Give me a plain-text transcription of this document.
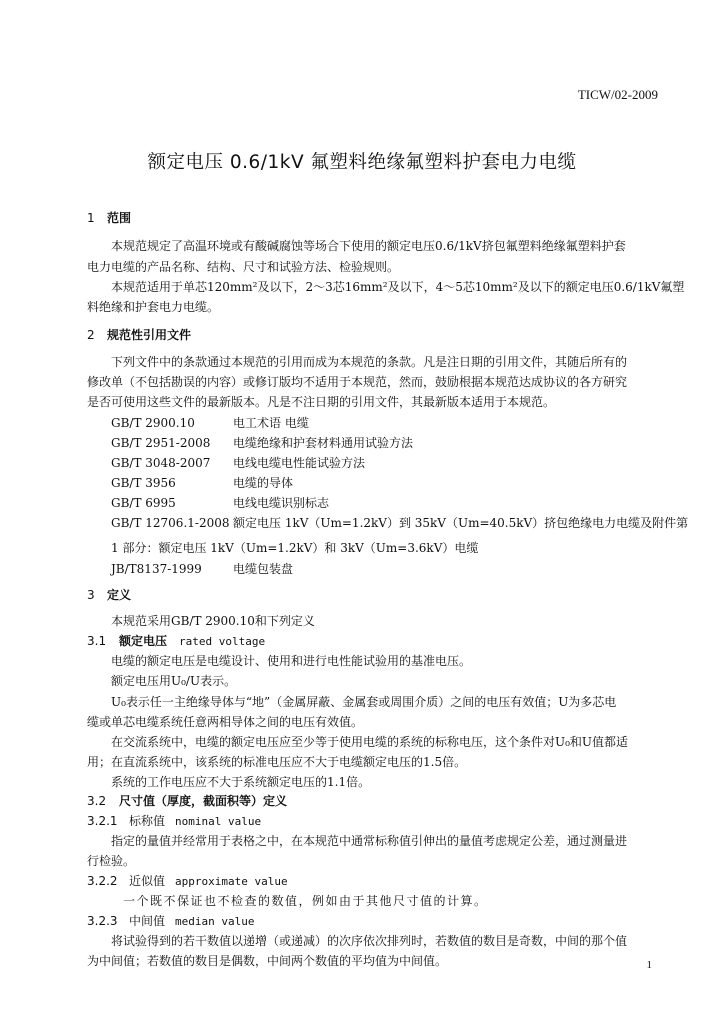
TICW/02-2009
额定电压 0.6/1kV 氟塑料绝缘氟塑料护套电力电缆
1 范围
本规范规定了高温环境或有酸碱腐蚀等场合下使用的额定电压0.6/1kV挤包氟塑料绝缘氟塑料护套
电力电缆的产品名称、结构、尺寸和试验方法、检验规则。
本规范适用于单芯120mm²及以下，2～3芯16mm²及以下，4～5芯10mm²及以下的额定电压0.6/1kV氟塑
料绝缘和护套电力电缆。
2 规范性引用文件
下列文件中的条款通过本规范的引用而成为本规范的条款。凡是注日期的引用文件，其随后所有的
修改单（不包括勘误的内容）或修订版均不适用于本规范，然而，鼓励根据本规范达成协议的各方研究
是否可使用这些文件的最新版本。凡是不注日期的引用文件，其最新版本适用于本规范。
GB/T 2900.10	电工术语 电缆
GB/T 2951-2008 电缆绝缘和护套材料通用试验方法
GB/T 3048-2007 电线电缆电性能试验方法
GB/T 3956	电缆的导体
GB/T 6995	电线电缆识别标志
GB/T 12706.1-2008 额定电压 1kV（Um=1.2kV）到 35kV（Um=40.5kV）挤包绝缘电力电缆及附件第
1 部分：额定电压 1kV（Um=1.2kV）和 3kV（Um=3.6kV）电缆
JB/T8137-1999	电缆包装盘
3 定义
本规范采用GB/T 2900.10和下列定义
3.1 额定电压 rated voltage
电缆的额定电压是电缆设计、使用和进行电性能试验用的基准电压。
额定电压用U₀/U表示。
U₀表示任一主绝缘导体与“地”（金属屏蔽、金属套或周围介质）之间的电压有效值；U为多芯电
缆或单芯电缆系统任意两相导体之间的电压有效值。
在交流系统中，电缆的额定电压应至少等于使用电缆的系统的标称电压，这个条件对U₀和U值都适
用；在直流系统中，该系统的标准电压应不大于电缆额定电压的1.5倍。
系统的工作电压应不大于系统额定电压的1.1倍。
3.2 尺寸值（厚度，截面积等）定义
3.2.1 标称值 nominal value
指定的量值并经常用于表格之中，在本规范中通常标称值引伸出的量值考虑规定公差，通过测量进
行检验。
3.2.2 近似值 approximate value
一个既不保证也不检查的数值，例如由于其他尺寸值的计算。
3.2.3 中间值 median value
将试验得到的若干数值以递增（或递减）的次序依次排列时，若数值的数目是奇数，中间的那个值
为中间值；若数值的数目是偶数，中间两个数值的平均值为中间值。	1
